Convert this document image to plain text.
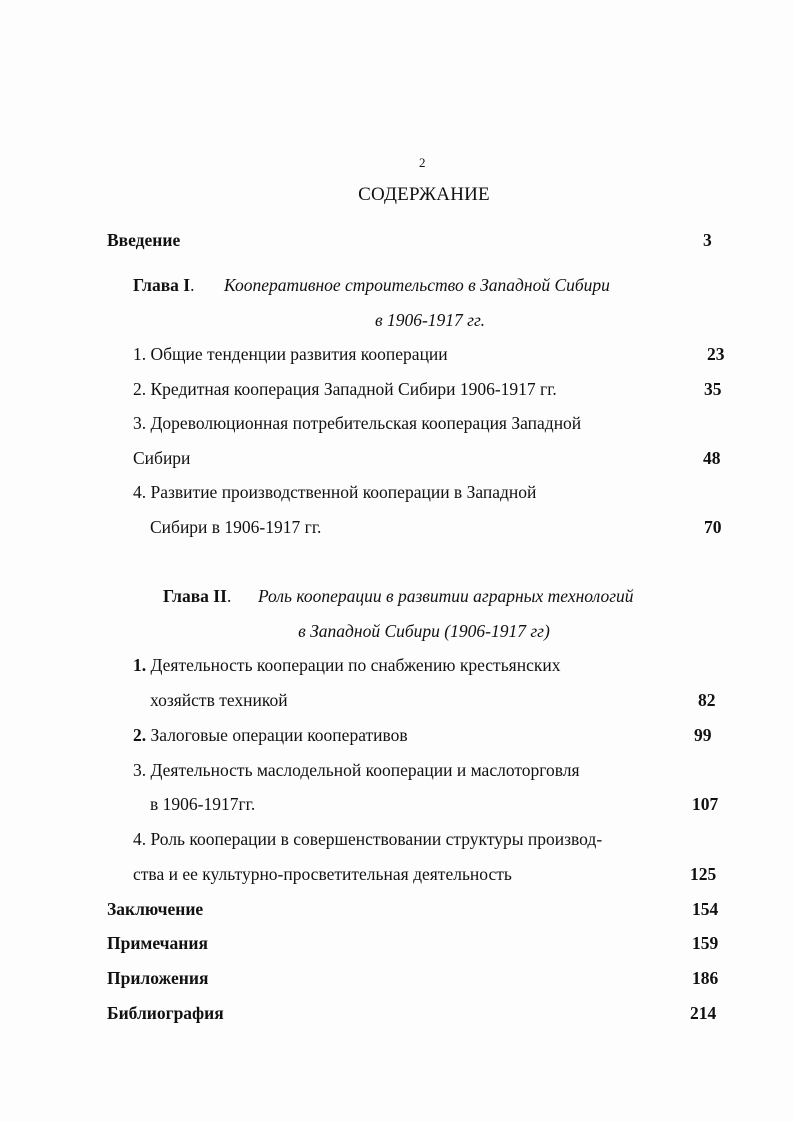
2
СОДЕРЖАНИЕ
Введение	3
Глава I. Кооперативное строительство в Западной Сибири
в 1906-1917 гг.
1. Общие тенденции развития кооперации	23
2. Кредитная кооперация Западной Сибири 1906-1917 гг.	35
3. Дореволюционная потребительская кооперация Западной
Сибири	48
4. Развитие производственной кооперации в Западной
Сибири в 1906-1917 гг.	70
Глава II. Роль кооперации в развитии аграрных технологий
в Западной Сибири (1906-1917 гг)
1. Деятельность кооперации по снабжению крестьянских
хозяйств техникой	82
2. Залоговые операции кооперативов	99
3. Деятельность маслодельной кооперации и маслоторговля
в 1906-1917гг.	107
4. Роль кооперации в совершенствовании структуры производ-
ства и ее культурно-просветительная деятельность	125
Заключение	154
Примечания	159
Приложения	186
Библиография	214
